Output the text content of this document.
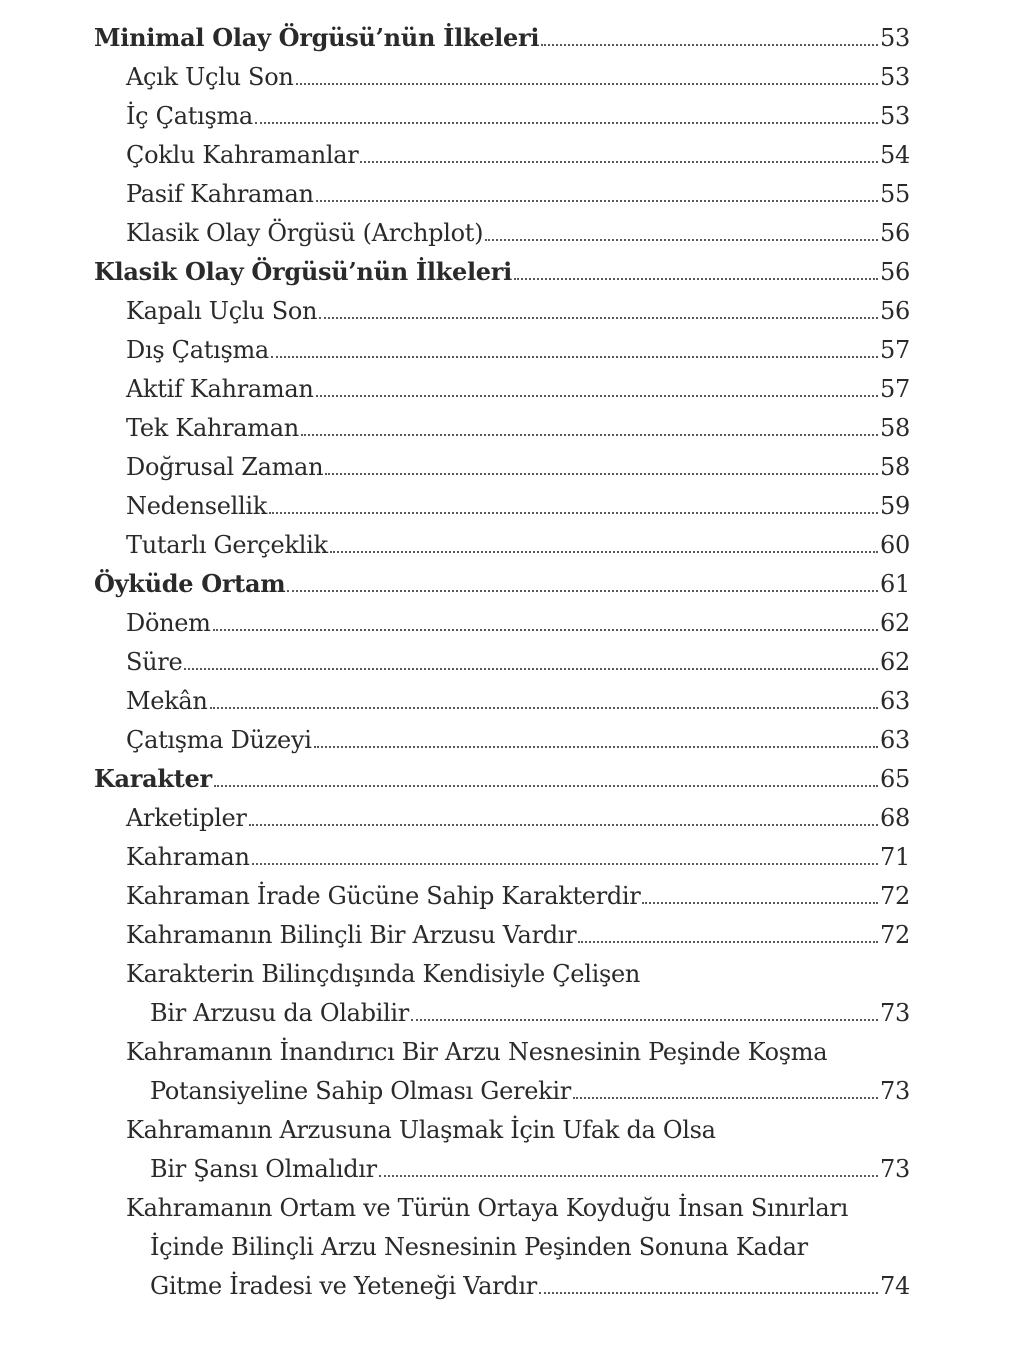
Minimal Olay Örgüsü’nün İlkeleri	53
Açık Uçlu Son	53
İç Çatışma	53
Çoklu Kahramanlar	54
Pasif Kahraman	55
Klasik Olay Örgüsü (Archplot)	56
Klasik Olay Örgüsü’nün İlkeleri	56
Kapalı Uçlu Son	56
Dış Çatışma	57
Aktif Kahraman	57
Tek Kahraman	58
Doğrusal Zaman	58
Nedensellik	59
Tutarlı Gerçeklik	60
Öyküde Ortam	61
Dönem	62
Süre	62
Mekân	63
Çatışma Düzeyi	63
Karakter	65
Arketipler	68
Kahraman	71
Kahraman İrade Gücüne Sahip Karakterdir	72
Kahramanın Bilinçli Bir Arzusu Vardır	72
Karakterin Bilinçdışında Kendisiyle Çelişen
Bir Arzusu da Olabilir	73
Kahramanın İnandırıcı Bir Arzu Nesnesinin Peşinde Koşma
Potansiyeline Sahip Olması Gerekir	73
Kahramanın Arzusuna Ulaşmak İçin Ufak da Olsa
Bir Şansı Olmalıdır	73
Kahramanın Ortam ve Türün Ortaya Koyduğu İnsan Sınırları
İçinde Bilinçli Arzu Nesnesinin Peşinden Sonuna Kadar
Gitme İradesi ve Yeteneği Vardır	74
